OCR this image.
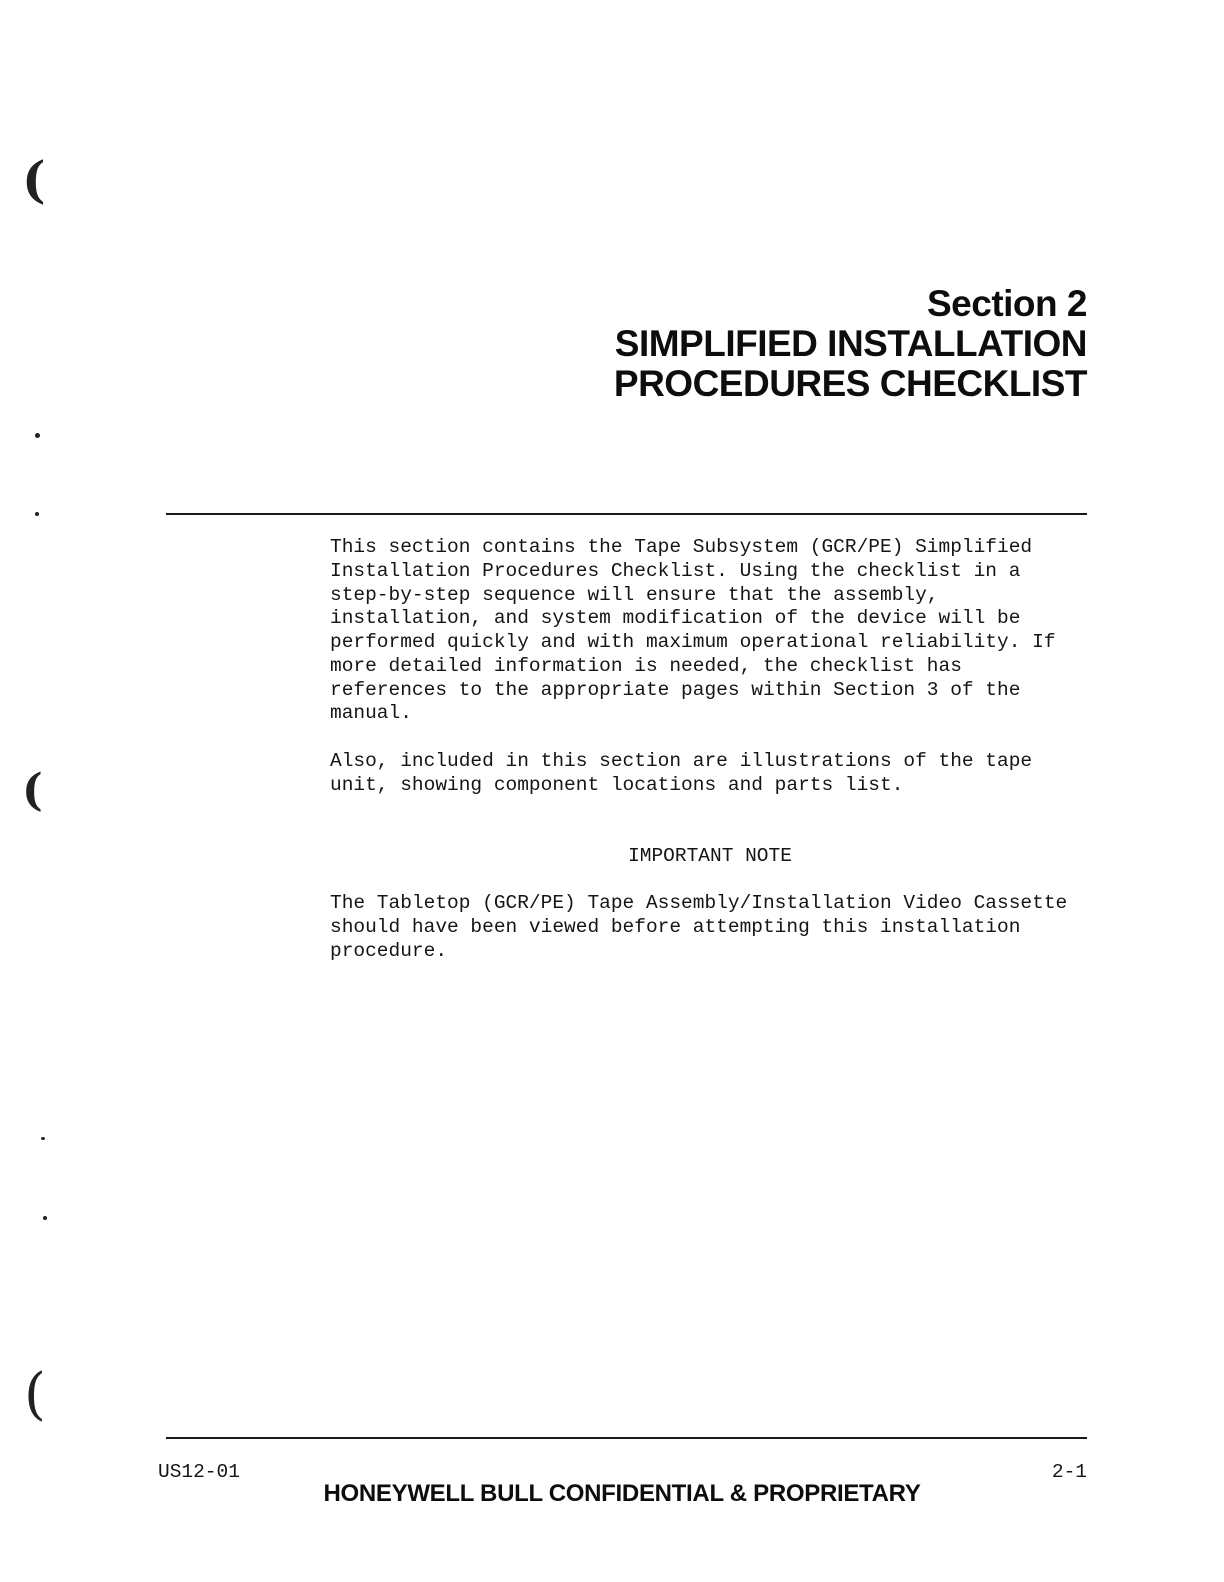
(
(
(
Section 2
SIMPLIFIED INSTALLATION
PROCEDURES CHECKLIST
This section contains the Tape Subsystem (GCR/PE) Simplified
Installation Procedures Checklist. Using the checklist in a
step-by-step sequence will ensure that the assembly,
installation, and system modification of the device will be
performed quickly and with maximum operational reliability. If
more detailed information is needed, the checklist has
references to the appropriate pages within Section 3 of the
manual.
Also, included in this section are illustrations of the tape
unit, showing component locations and parts list.
IMPORTANT NOTE
The Tabletop (GCR/PE) Tape Assembly/Installation Video Cassette
should have been viewed before attempting this installation
procedure.
US12-01	2-1
HONEYWELL BULL CONFIDENTIAL & PROPRIETARY
